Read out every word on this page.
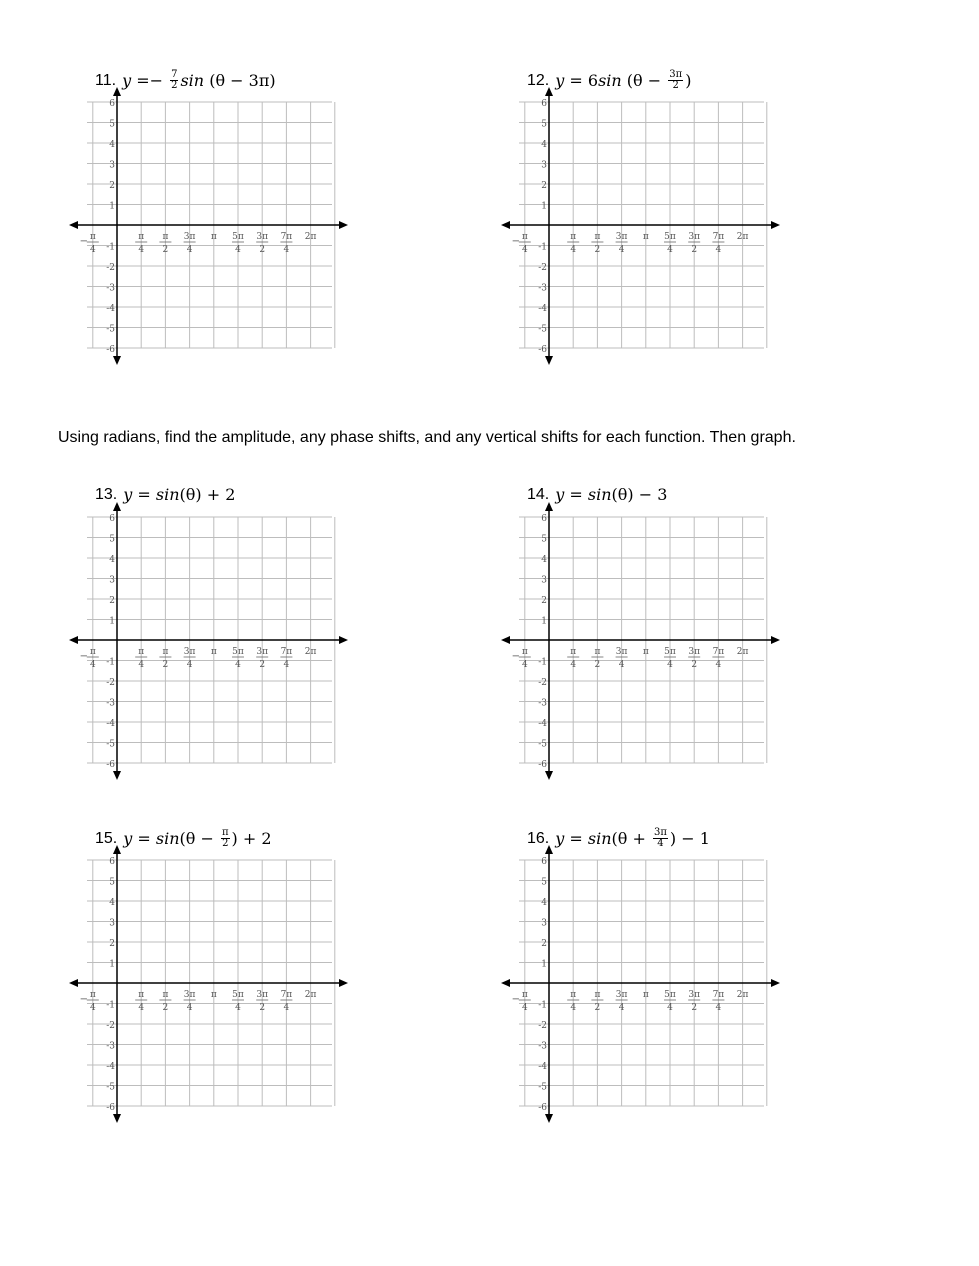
11. $y =- \frac{7}{2}$ sin (θ − 3π)
6
5
4
3
2
1
-1
-2
-3
-4
-5
-6
− π
4
π
4
π
2
3π
4
π 5π
4
3π
2
7π
4
2π
12. y = 6 $\sin (\theta - \frac{3\pi}{2}$ )
6
5
4
3
2
1
-1
-2
-3
-4
-5
-6
− π
4
π
4
π
2
3π
4
π 5π
4
3π
2
7π
4
2π
Using radians, find the amplitude, any phase shifts, and any vertical shifts for each function. Then graph.
13. y = sin (θ) + 2
6
5
4
3
2
1
-1
-2
-3
-4
-5
-6
− π
4
π
4
π
2
3π
4
π 5π
4
3π
2
7π
4
2π
14. y = sin (θ) − 3
6
5
4
3
2
1
-1
-2
-3
-4
-5
-6
− π
4
π
4
π
2
3π
4
π 5π
4
3π
2
7π
4
2π
15. $y = \sin (\theta - \frac{\pi}{2}$ ) + 2
6
5
4
3
2
1
-1
-2
-3
-4
-5
-6
− π
4
π
4
π
2
3π
4
π 5π
4
3π
2
7π
4
2π
16. $y = \sin (\theta + \frac{3\pi}{4}$ ) − 1
6
5
4
3
2
1
-1
-2
-3
-4
-5
-6
− π
4
π
4
π
2
3π
4
π 5π
4
3π
2
7π
4
2π
